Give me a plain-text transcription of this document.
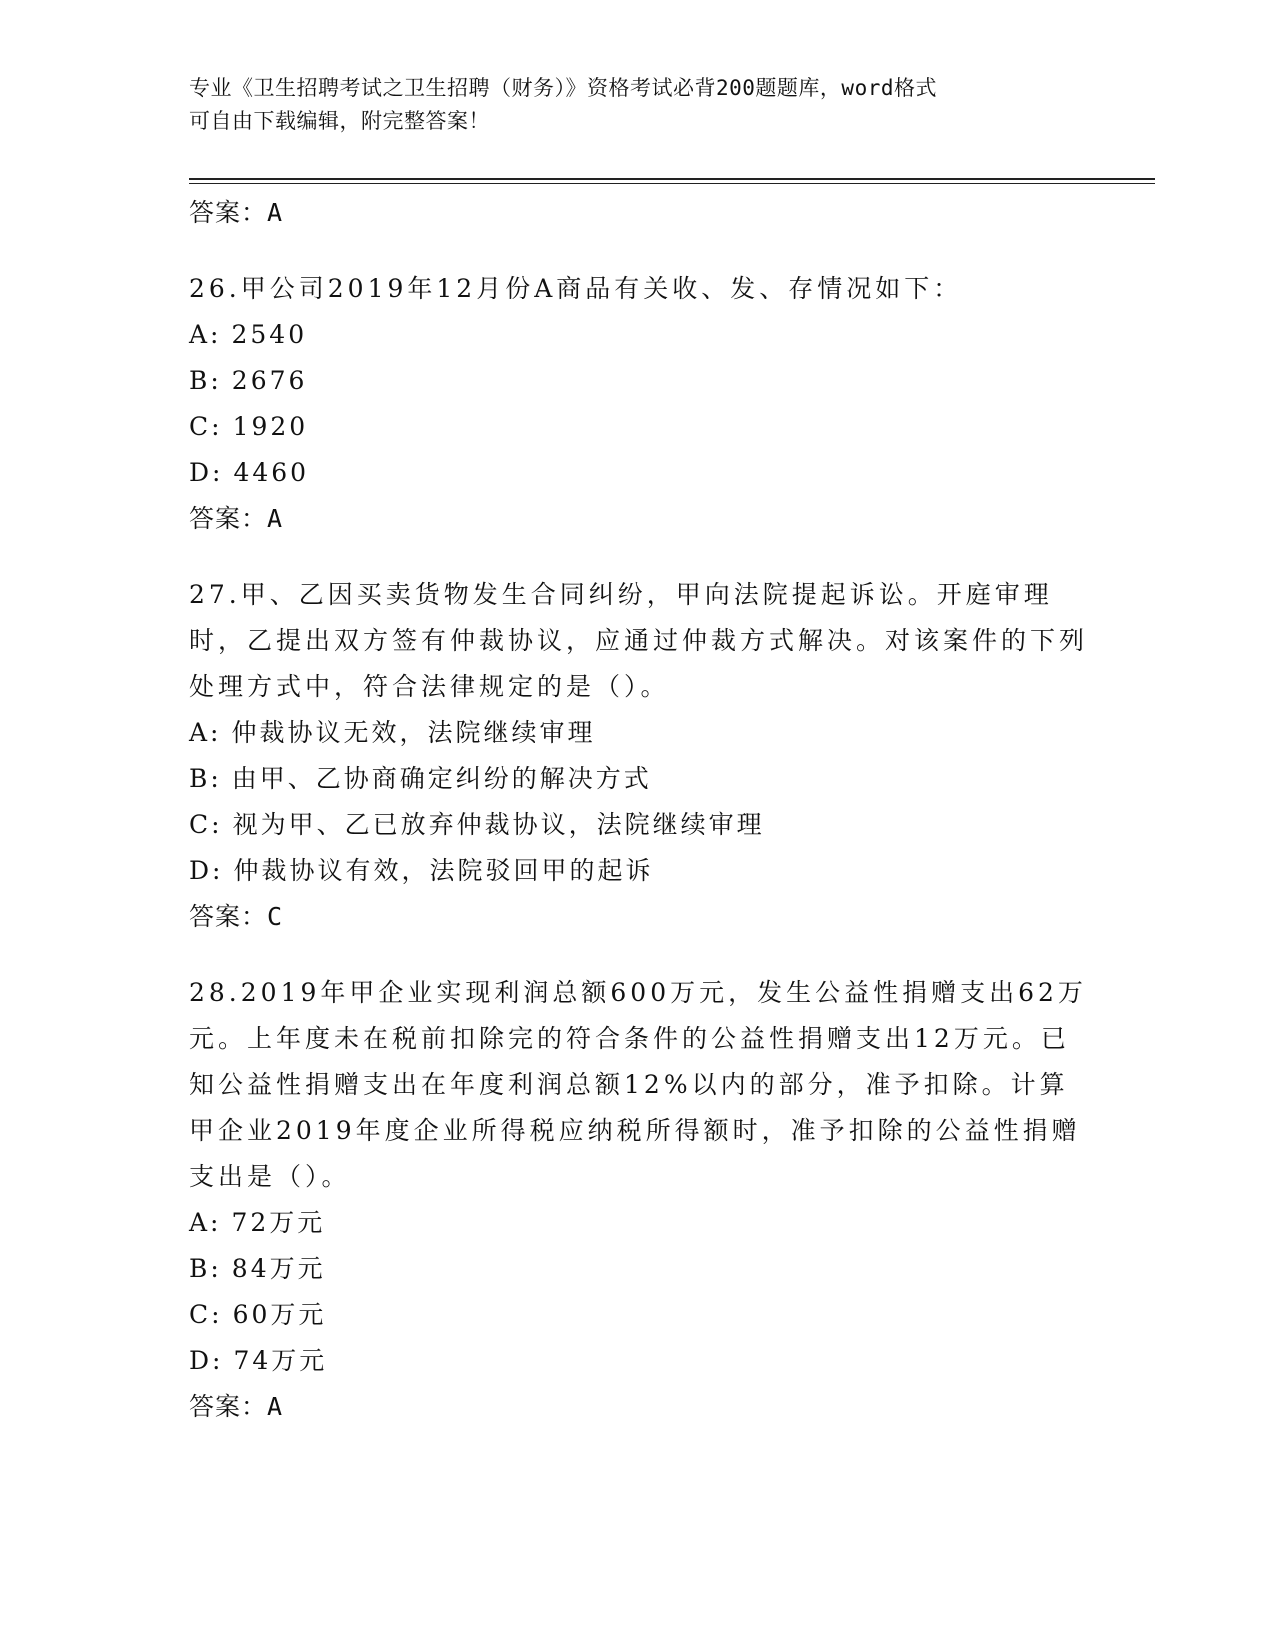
专业《卫生招聘考试之卫生招聘（财务）》资格考试必背200题题库，word格式
可自由下载编辑，附完整答案！
答案：A
26.甲公司2019年12月份A商品有关收、发、存情况如下：
A: 2540
B: 2676
C: 1920
D: 4460
答案：A
27.甲、乙因买卖货物发生合同纠纷，甲向法院提起诉讼。开庭审理时，乙提出双方签有仲裁协议，应通过仲裁方式解决。对该案件的下列处理方式中，符合法律规定的是（）。
A: 仲裁协议无效，法院继续审理
B: 由甲、乙协商确定纠纷的解决方式
C: 视为甲、乙已放弃仲裁协议，法院继续审理
D: 仲裁协议有效，法院驳回甲的起诉
答案：C
28.2019年甲企业实现利润总额600万元，发生公益性捐赠支出62万元。上年度未在税前扣除完的符合条件的公益性捐赠支出12万元。已知公益性捐赠支出在年度利润总额12%以内的部分，准予扣除。计算甲企业2019年度企业所得税应纳税所得额时，准予扣除的公益性捐赠支出是（）。
A: 72万元
B: 84万元
C: 60万元
D: 74万元
答案：A
